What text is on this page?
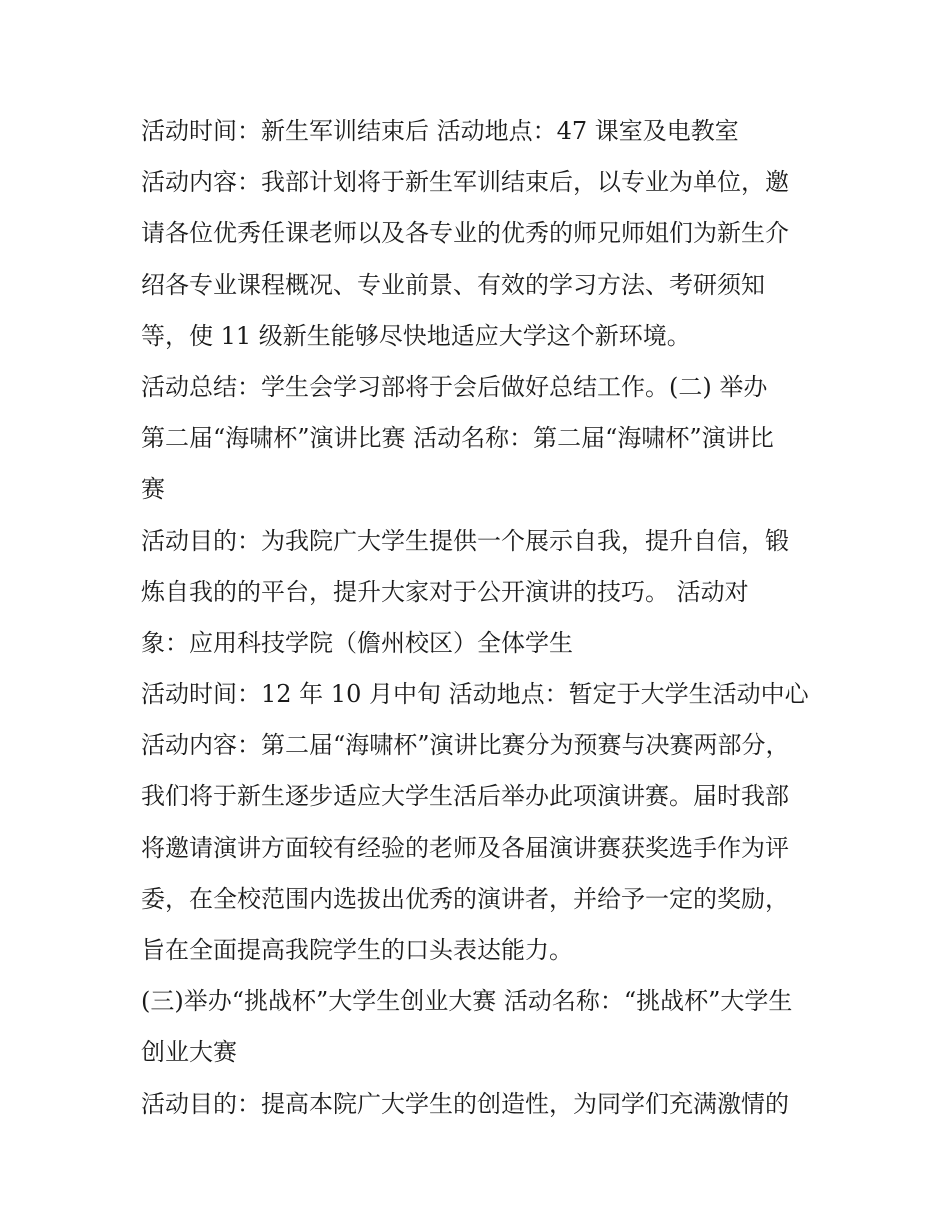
活动时间：新生军训结束后 活动地点：47 课室及电教室
活动内容：我部计划将于新生军训结束后，以专业为单位，邀
请各位优秀任课老师以及各专业的优秀的师兄师姐们为新生介
绍各专业课程概况、专业前景、有效的学习方法、考研须知
等，使 11 级新生能够尽快地适应大学这个新环境。
活动总结：学生会学习部将于会后做好总结工作。(二) 举办
第二届“海啸杯”演讲比赛 活动名称：第二届“海啸杯”演讲比
赛
活动目的：为我院广大学生提供一个展示自我，提升自信，锻
炼自我的的平台，提升大家对于公开演讲的技巧。 活动对
象：应用科技学院（儋州校区）全体学生
活动时间：12 年 10 月中旬 活动地点：暂定于大学生活动中心
活动内容：第二届“海啸杯”演讲比赛分为预赛与决赛两部分，
我们将于新生逐步适应大学生活后举办此项演讲赛。届时我部
将邀请演讲方面较有经验的老师及各届演讲赛获奖选手作为评
委，在全校范围内选拔出优秀的演讲者，并给予一定的奖励，
旨在全面提高我院学生的口头表达能力。
(三)举办“挑战杯”大学生创业大赛 活动名称：“挑战杯”大学生
创业大赛
活动目的：提高本院广大学生的创造性，为同学们充满激情的
